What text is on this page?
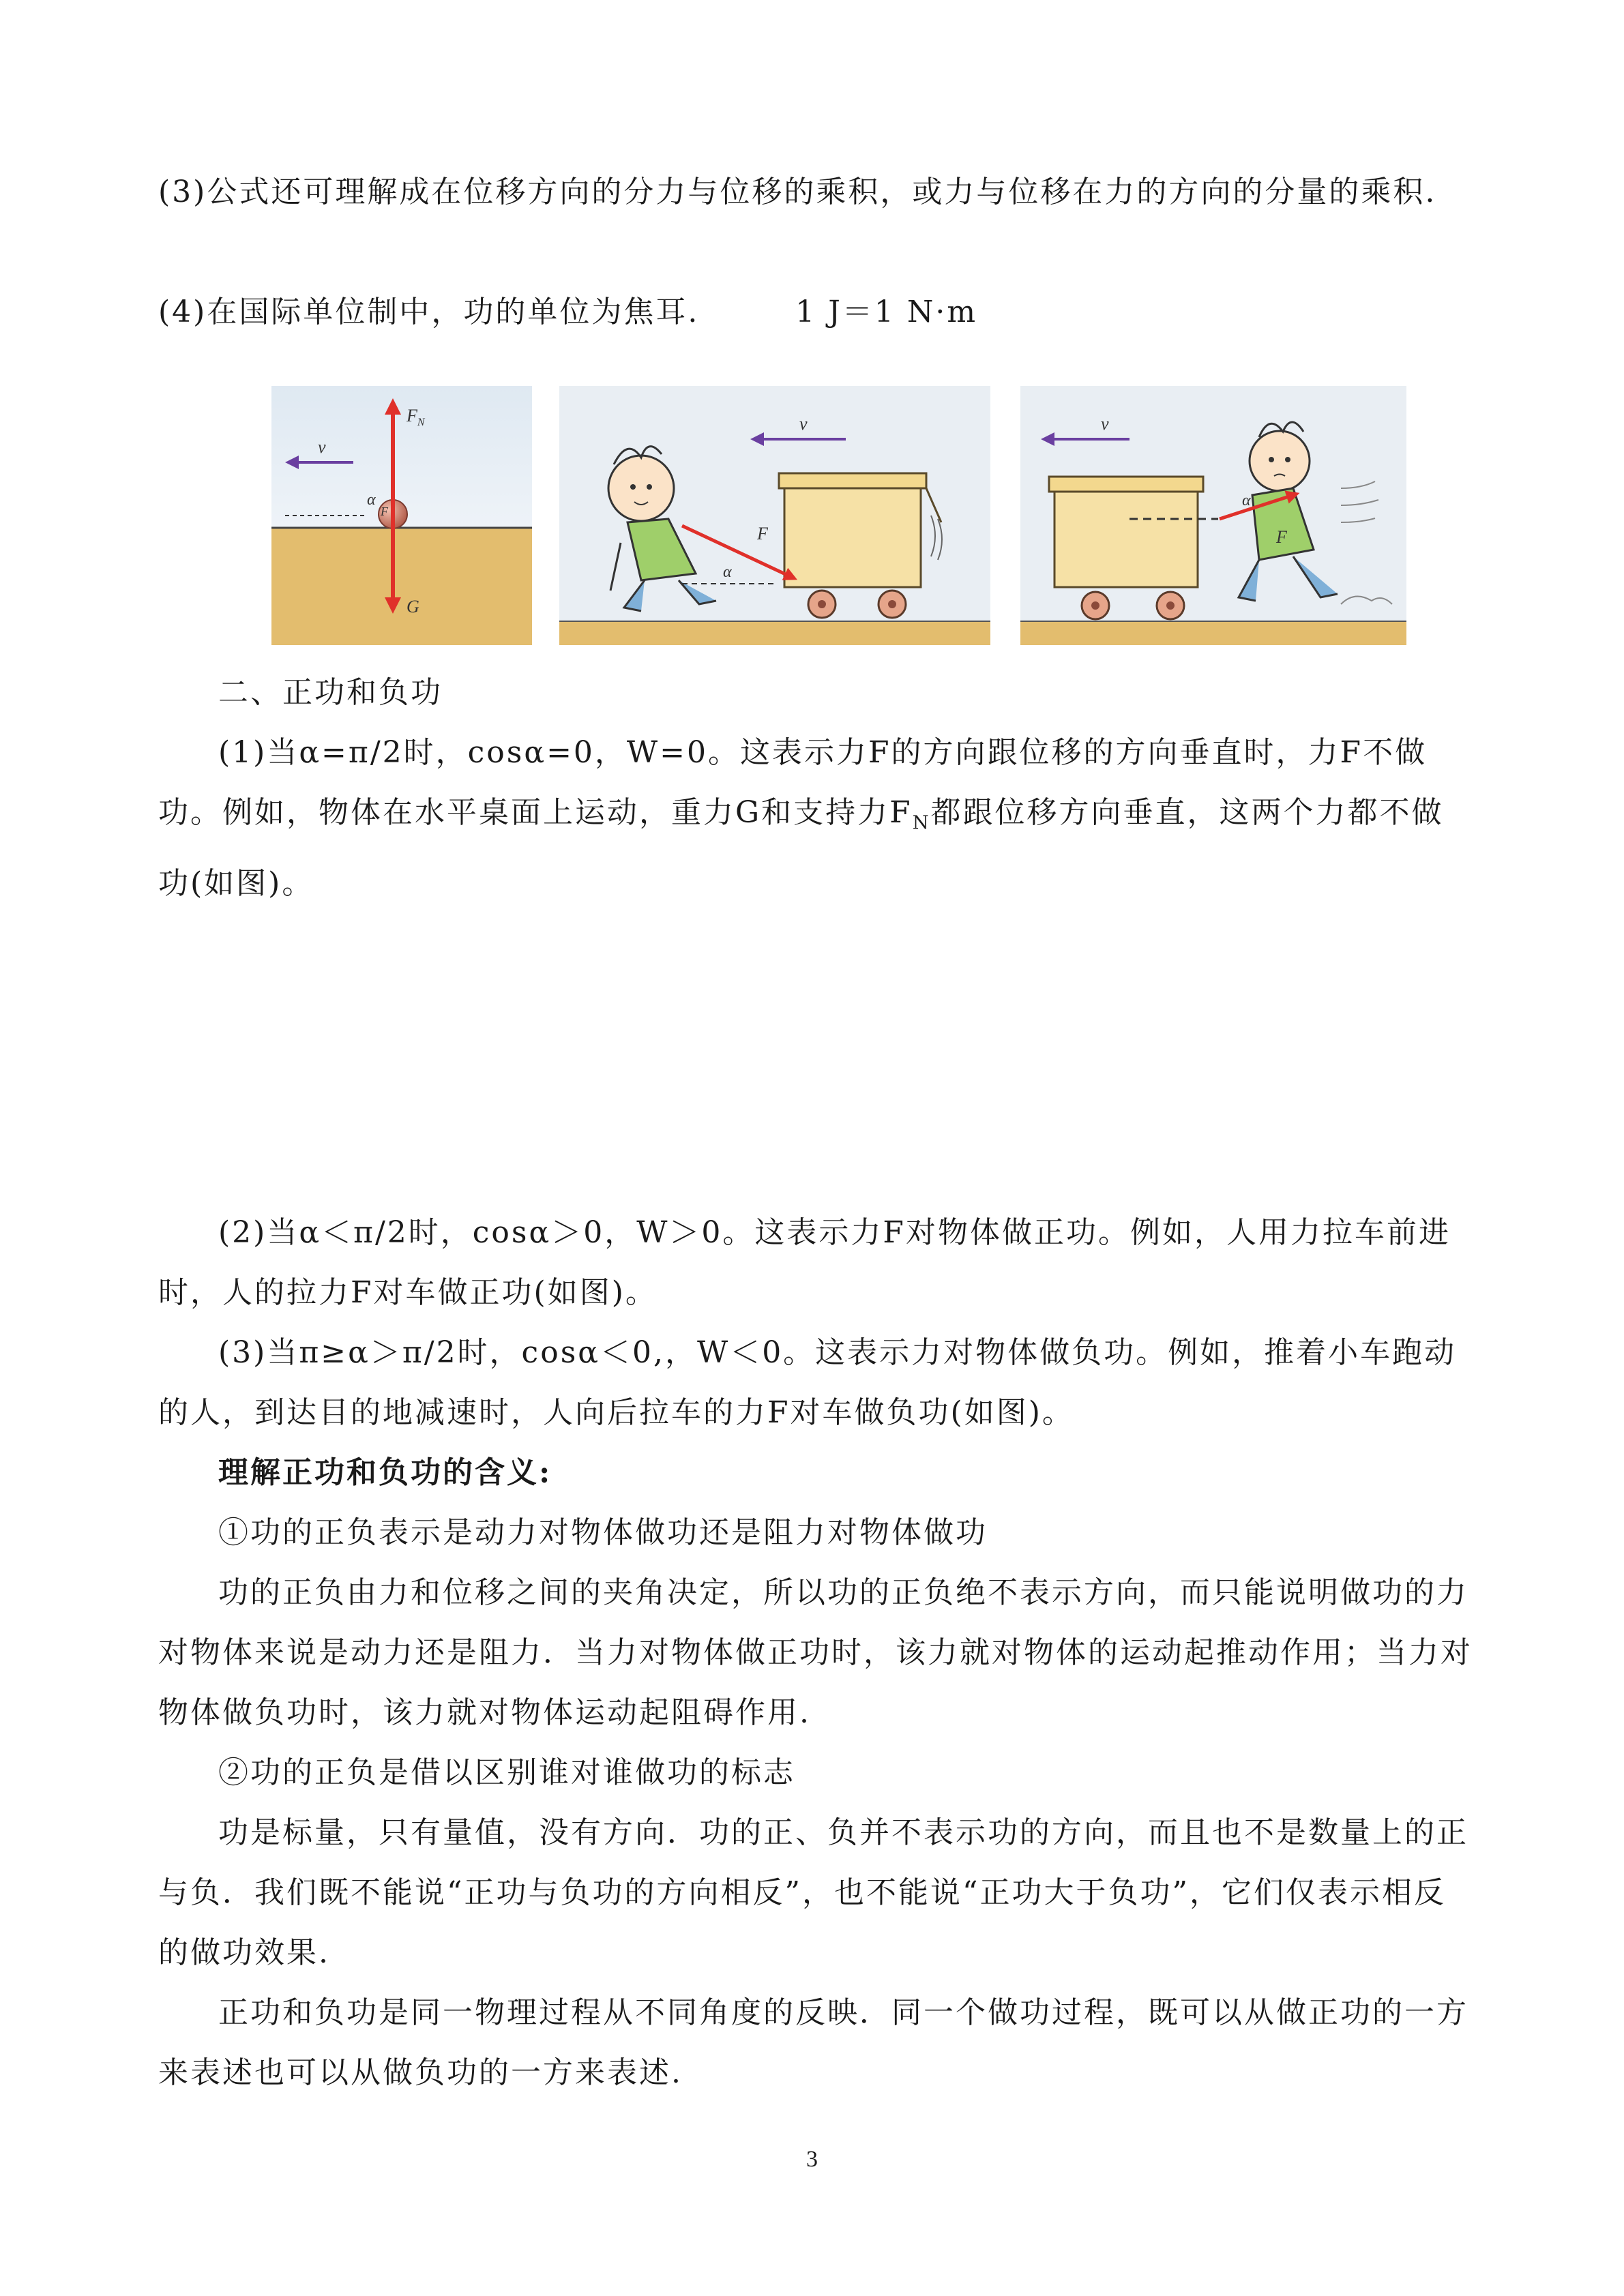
(3)公式还可理解成在位移方向的分力与位移的乘积，或力与位移在力的方向的分量的乘积.

(4)在国际单位制中，功的单位为焦耳.　　　1 J＝1 N·m

v
$F_N$
α
F
G
v
F
α
v
α
F

二、正功和负功

(1)当α=π/2时，cosα=0，W=0。这表示力F的方向跟位移的方向垂直时，力F不做功。例如，物体在水平桌面上运动，重力G和支持力$F_N$都跟位移方向垂直，这两个力都不做功(如图)。

(2)当α＜π/2时，cosα＞0，W＞0。这表示力F对物体做正功。例如，人用力拉车前进时，人的拉力F对车做正功(如图)。

(3)当π≥α＞π/2时，cosα＜0,，W＜0。这表示力对物体做负功。例如，推着小车跑动的人，到达目的地减速时，人向后拉车的力F对车做负功(如图)。

理解正功和负功的含义:

①功的正负表示是动力对物体做功还是阻力对物体做功

功的正负由力和位移之间的夹角决定，所以功的正负绝不表示方向，而只能说明做功的力对物体来说是动力还是阻力．当力对物体做正功时，该力就对物体的运动起推动作用；当力对物体做负功时，该力就对物体运动起阻碍作用.

②功的正负是借以区别谁对谁做功的标志

功是标量，只有量值，没有方向．功的正、负并不表示功的方向，而且也不是数量上的正与负．我们既不能说“正功与负功的方向相反”，也不能说“正功大于负功”，它们仅表示相反的做功效果.

正功和负功是同一物理过程从不同角度的反映．同一个做功过程，既可以从做正功的一方来表述也可以从做负功的一方来表述.

3
